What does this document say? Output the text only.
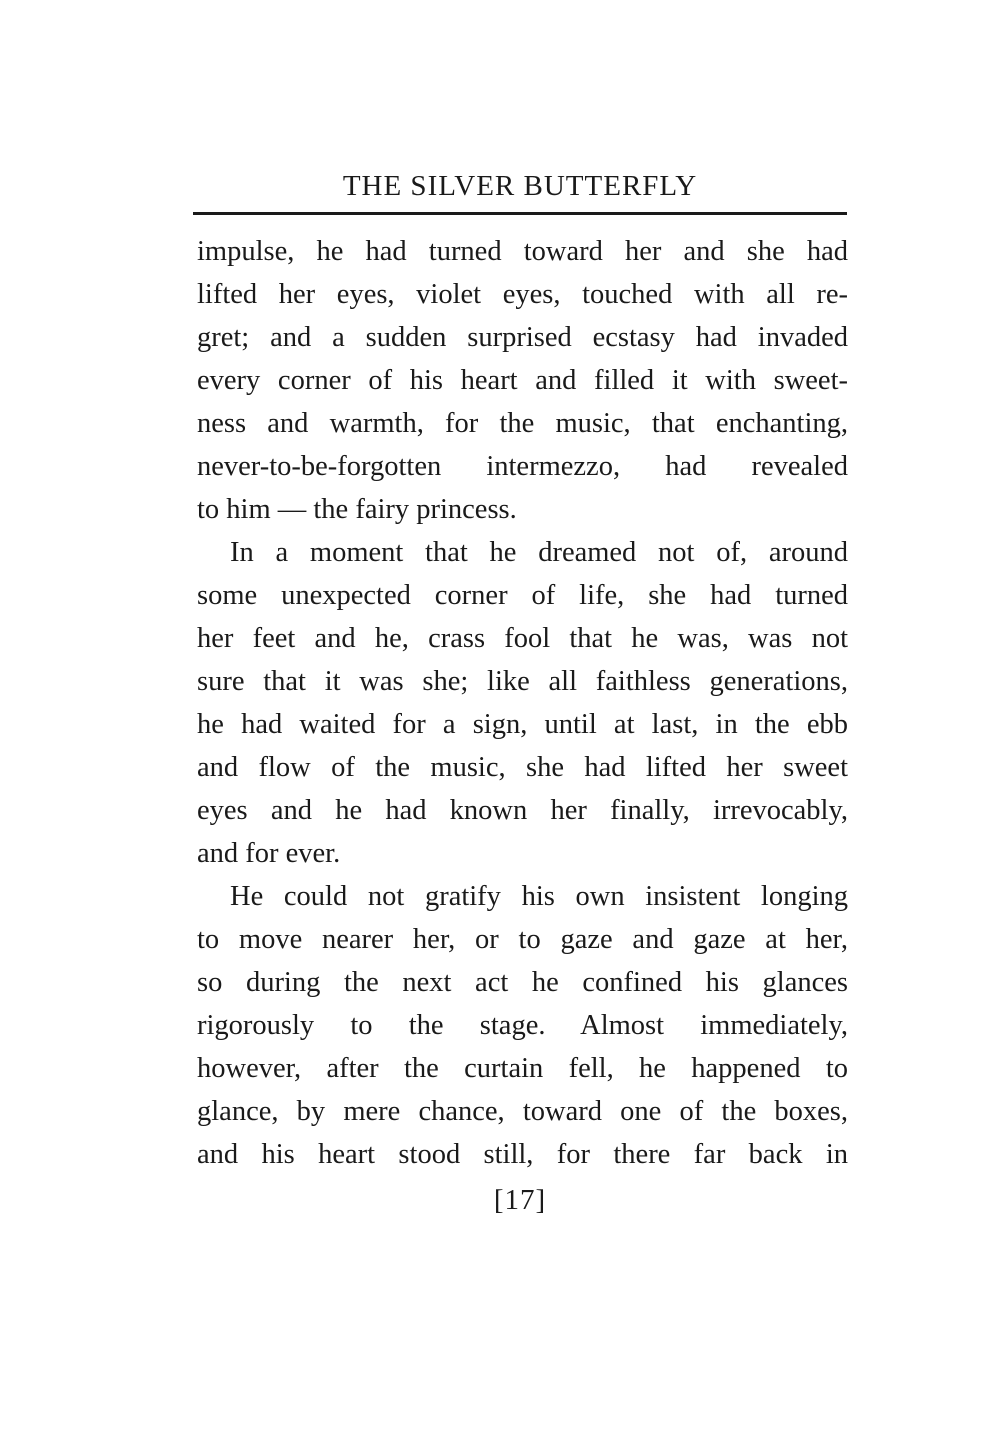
THE SILVER BUTTERFLY
impulse, he had turned toward her and she had
lifted her eyes, violet eyes, touched with all re-
gret; and a sudden surprised ecstasy had invaded
every corner of his heart and filled it with sweet-
ness and warmth, for the music, that enchanting,
never-to-be-forgotten intermezzo, had revealed
to him — the fairy princess.
In a moment that he dreamed not of, around
some unexpected corner of life, she had turned
her feet and he, crass fool that he was, was not
sure that it was she; like all faithless generations,
he had waited for a sign, until at last, in the ebb
and flow of the music, she had lifted her sweet
eyes and he had known her finally, irrevocably,
and for ever.
He could not gratify his own insistent longing
to move nearer her, or to gaze and gaze at her,
so during the next act he confined his glances
rigorously to the stage. Almost immediately,
however, after the curtain fell, he happened to
glance, by mere chance, toward one of the boxes,
and his heart stood still, for there far back in
[17]
